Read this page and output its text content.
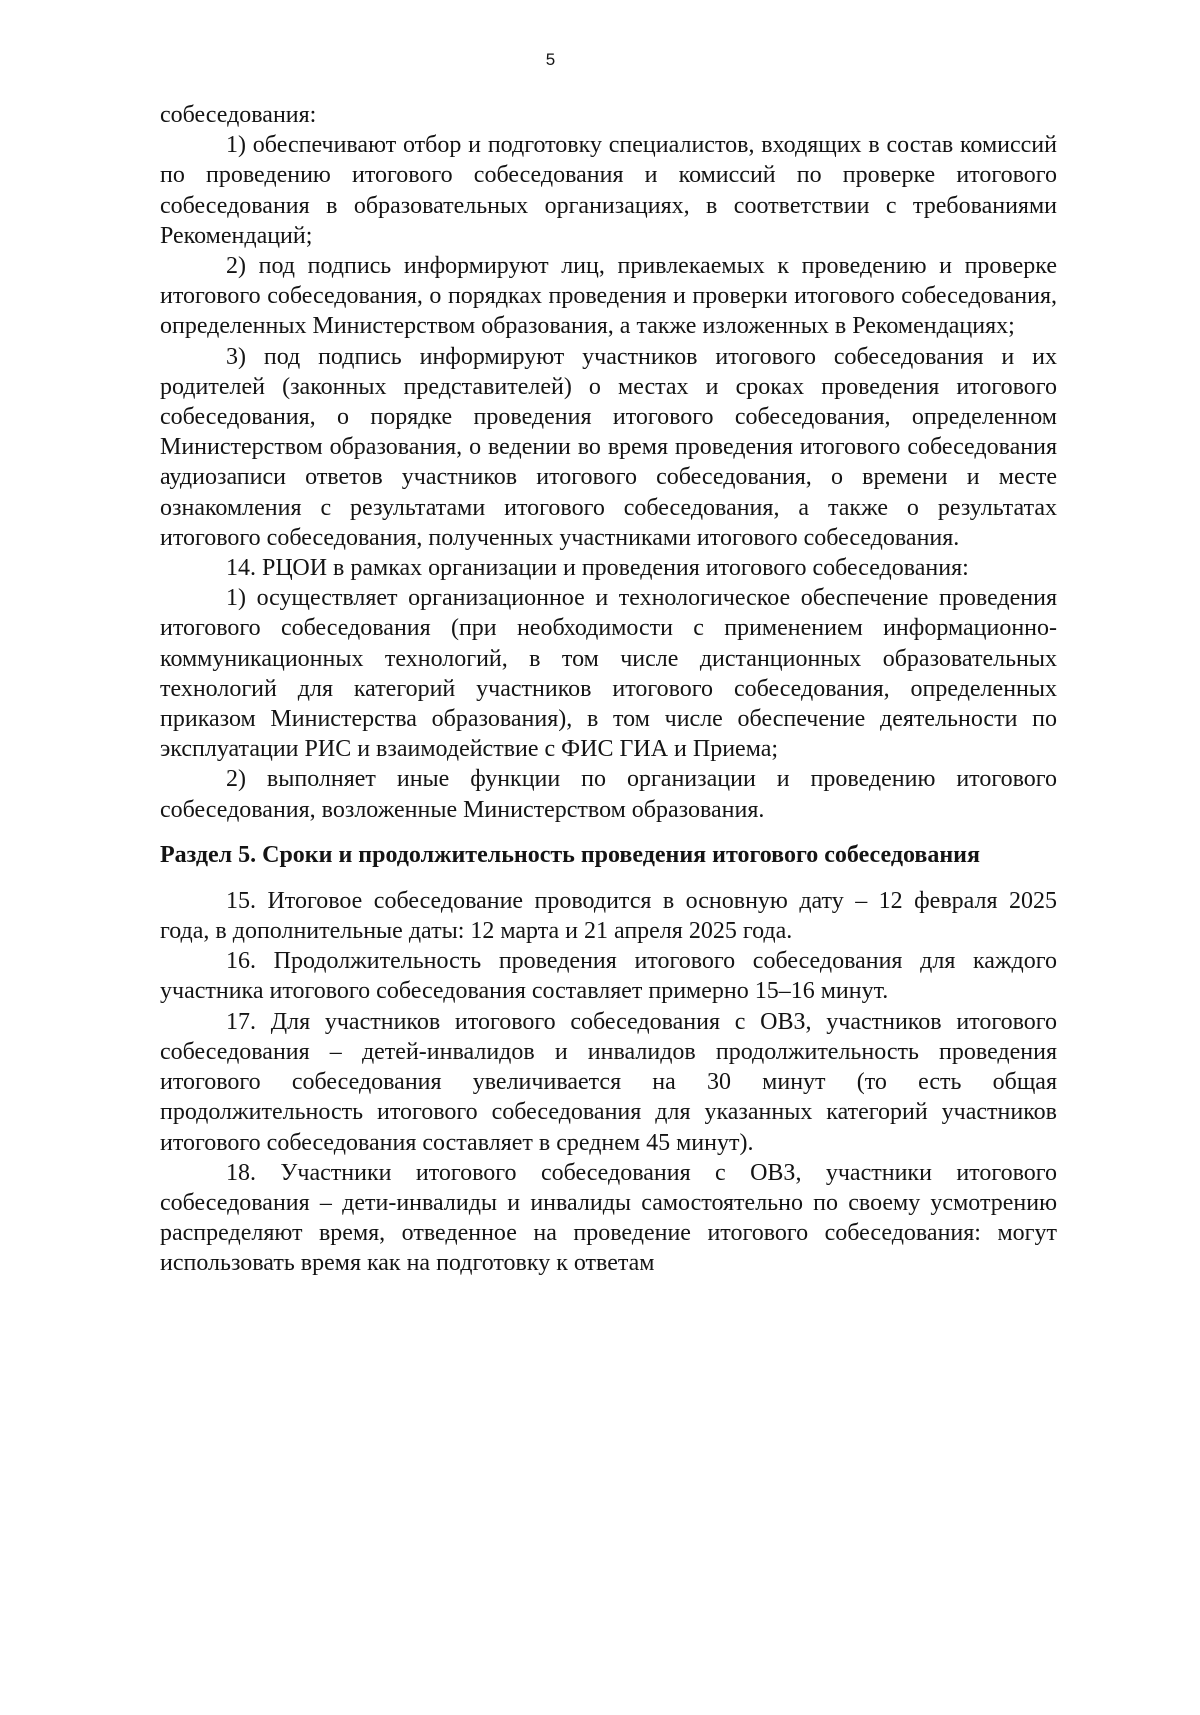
5

собеседования:

1) обеспечивают отбор и подготовку специалистов, входящих в состав комиссий по проведению итогового собеседования и комиссий по проверке итогового собеседования в образовательных организациях, в соответствии с требованиями Рекомендаций;

2) под подпись информируют лиц, привлекаемых к проведению и проверке итогового собеседования, о порядках проведения и проверки итогового собеседования, определенных Министерством образования, а также изложенных в Рекомендациях;

3) под подпись информируют участников итогового собеседования и их родителей (законных представителей) о местах и сроках проведения итогового собеседования, о порядке проведения итогового собеседования, определенном Министерством образования, о ведении во время проведения итогового собеседования аудиозаписи ответов участников итогового собеседования, о времени и месте ознакомления с результатами итогового собеседования, а также о результатах итогового собеседования, полученных участниками итогового собеседования.

14. РЦОИ в рамках организации и проведения итогового собеседования:

1) осуществляет организационное и технологическое обеспечение проведения итогового собеседования (при необходимости с применением информационно-коммуникационных технологий, в том числе дистанционных образовательных технологий для категорий участников итогового собеседования, определенных приказом Министерства образования), в том числе обеспечение деятельности по эксплуатации РИС и взаимодействие с ФИС ГИА и Приема;

2) выполняет иные функции по организации и проведению итогового собеседования, возложенные Министерством образования.

Раздел 5. Сроки и продолжительность проведения итогового собеседования

15. Итоговое собеседование проводится в основную дату – 12 февраля 2025 года, в дополнительные даты: 12 марта и 21 апреля 2025 года.

16. Продолжительность проведения итогового собеседования для каждого участника итогового собеседования составляет примерно 15–16 минут.

17. Для участников итогового собеседования с ОВЗ, участников итогового собеседования – детей-инвалидов и инвалидов продолжительность проведения итогового собеседования увеличивается на 30 минут (то есть общая продолжительность итогового собеседования для указанных категорий участников итогового собеседования составляет в среднем 45 минут).

18. Участники итогового собеседования с ОВЗ, участники итогового собеседования – дети-инвалиды и инвалиды самостоятельно по своему усмотрению распределяют время, отведенное на проведение итогового собеседования: могут использовать время как на подготовку к ответам
